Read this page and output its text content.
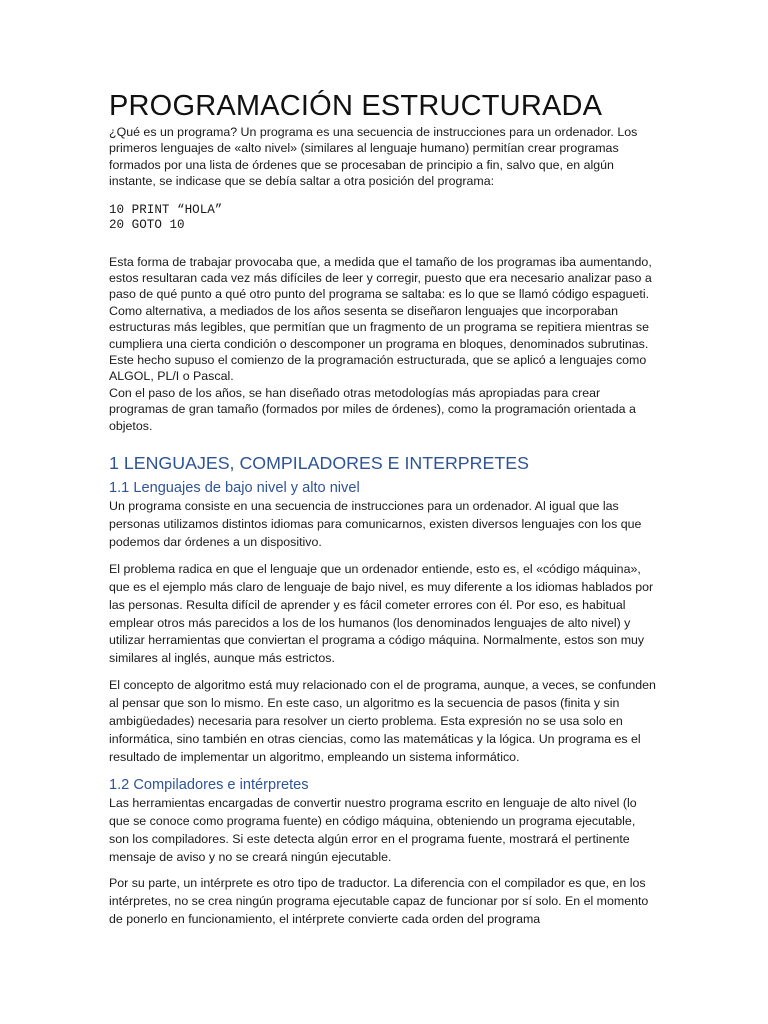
PROGRAMACIÓN ESTRUCTURADA

¿Qué es un programa? Un programa es una secuencia de instrucciones para un ordenador. Los primeros lenguajes de «alto nivel» (similares al lenguaje humano) permitían crear programas formados por una lista de órdenes que se procesaban de principio a fin, salvo que, en algún instante, se indicase que se debía saltar a otra posición del programa:

10 PRINT “HOLA”
20 GOTO 10

Esta forma de trabajar provocaba que, a medida que el tamaño de los programas iba aumentando, estos resultaran cada vez más difíciles de leer y corregir, puesto que era necesario analizar paso a paso de qué punto a qué otro punto del programa se saltaba: es lo que se llamó código espagueti. Como alternativa, a mediados de los años sesenta se diseñaron lenguajes que incorporaban estructuras más legibles, que permitían que un fragmento de un programa se repitiera mientras se cumpliera una cierta condición o descomponer un programa en bloques, denominados subrutinas. Este hecho supuso el comienzo de la programación estructurada, que se aplicó a lenguajes como ALGOL, PL/I o Pascal.

Con el paso de los años, se han diseñado otras metodologías más apropiadas para crear programas de gran tamaño (formados por miles de órdenes), como la programación orientada a objetos.

1 LENGUAJES, COMPILADORES E INTERPRETES
1.1 Lenguajes de bajo nivel y alto nivel

Un programa consiste en una secuencia de instrucciones para un ordenador. Al igual que las personas utilizamos distintos idiomas para comunicarnos, existen diversos lenguajes con los que podemos dar órdenes a un dispositivo.

El problema radica en que el lenguaje que un ordenador entiende, esto es, el «código máquina», que es el ejemplo más claro de lenguaje de bajo nivel, es muy diferente a los idiomas hablados por las personas. Resulta difícil de aprender y es fácil cometer errores con él. Por eso, es habitual emplear otros más parecidos a los de los humanos (los denominados lenguajes de alto nivel) y utilizar herramientas que conviertan el programa a código máquina. Normalmente, estos son muy similares al inglés, aunque más estrictos.

El concepto de algoritmo está muy relacionado con el de programa, aunque, a veces, se confunden al pensar que son lo mismo. En este caso, un algoritmo es la secuencia de pasos (finita y sin ambigüedades) necesaria para resolver un cierto problema. Esta expresión no se usa solo en informática, sino también en otras ciencias, como las matemáticas y la lógica. Un programa es el resultado de implementar un algoritmo, empleando un sistema informático.

1.2 Compiladores e intérpretes

Las herramientas encargadas de convertir nuestro programa escrito en lenguaje de alto nivel (lo que se conoce como programa fuente) en código máquina, obteniendo un programa ejecutable, son los compiladores. Si este detecta algún error en el programa fuente, mostrará el pertinente mensaje de aviso y no se creará ningún ejecutable.

Por su parte, un intérprete es otro tipo de traductor. La diferencia con el compilador es que, en los intérpretes, no se crea ningún programa ejecutable capaz de funcionar por sí solo. En el momento de ponerlo en funcionamiento, el intérprete convierte cada orden del programa
